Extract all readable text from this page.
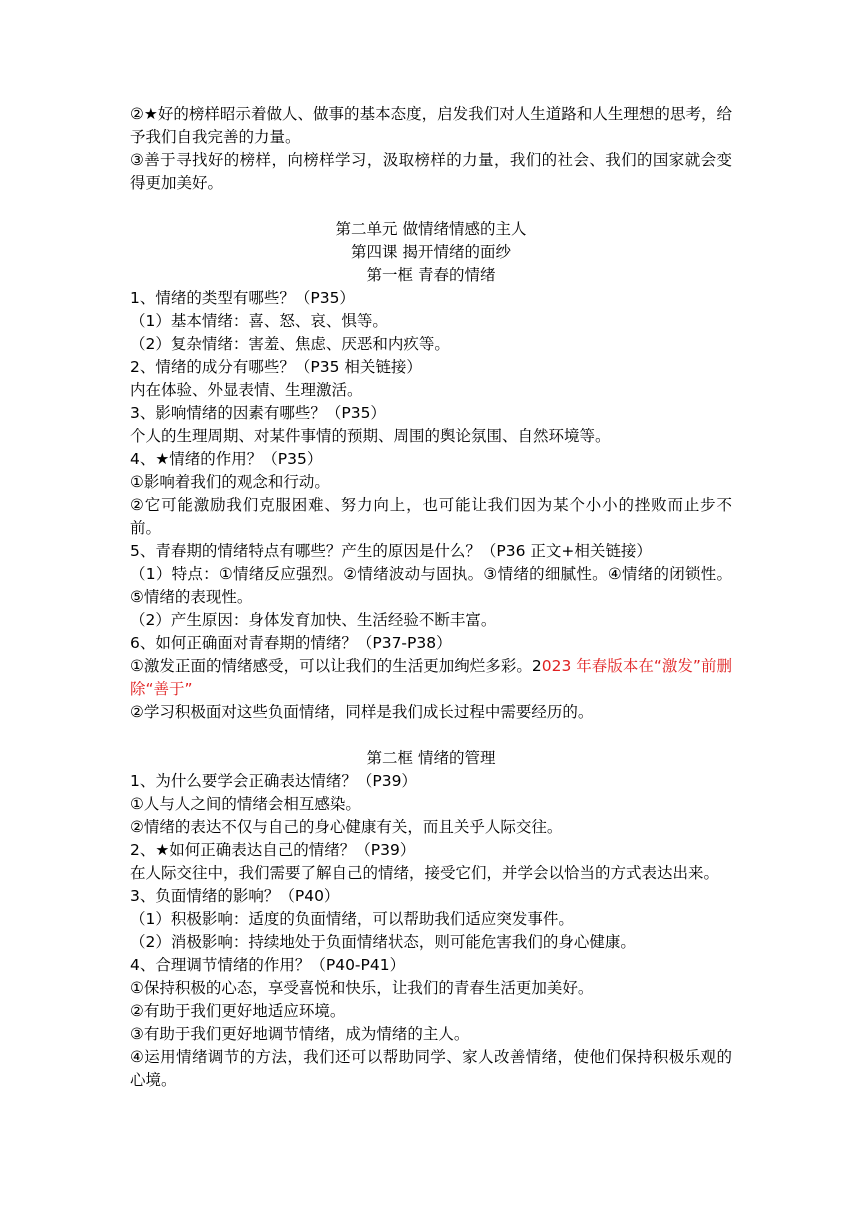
②★好的榜样昭示着做人、做事的基本态度，启发我们对人生道路和人生理想的思考，给予我们自我完善的力量。

③善于寻找好的榜样，向榜样学习，汲取榜样的力量，我们的社会、我们的国家就会变得更加美好。

第二单元 做情绪情感的主人

第四课 揭开情绪的面纱

第一框 青春的情绪

1、情绪的类型有哪些？（P35）

（1）基本情绪：喜、怒、哀、惧等。

（2）复杂情绪：害羞、焦虑、厌恶和内疚等。

2、情绪的成分有哪些？（P35 相关链接）

内在体验、外显表情、生理激活。

3、影响情绪的因素有哪些？（P35）

个人的生理周期、对某件事情的预期、周围的舆论氛围、自然环境等。

4、★情绪的作用？（P35）

①影响着我们的观念和行动。

②它可能激励我们克服困难、努力向上，也可能让我们因为某个小小的挫败而止步不前。

5、青春期的情绪特点有哪些？产生的原因是什么？（P36 正文+相关链接）

（1）特点：①情绪反应强烈。②情绪波动与固执。③情绪的细腻性。④情绪的闭锁性。⑤情绪的表现性。

（2）产生原因：身体发育加快、生活经验不断丰富。

6、如何正确面对青春期的情绪？（P37-P38）

①激发正面的情绪感受，可以让我们的生活更加绚烂多彩。2023 年春版本在“激发”前删除“善于”

②学习积极面对这些负面情绪，同样是我们成长过程中需要经历的。

第二框 情绪的管理

1、为什么要学会正确表达情绪？（P39）

①人与人之间的情绪会相互感染。

②情绪的表达不仅与自己的身心健康有关，而且关乎人际交往。

2、★如何正确表达自己的情绪？（P39）

在人际交往中，我们需要了解自己的情绪，接受它们，并学会以恰当的方式表达出来。

3、负面情绪的影响？（P40）

（1）积极影响：适度的负面情绪，可以帮助我们适应突发事件。

（2）消极影响：持续地处于负面情绪状态，则可能危害我们的身心健康。

4、合理调节情绪的作用？（P40-P41）

①保持积极的心态，享受喜悦和快乐，让我们的青春生活更加美好。

②有助于我们更好地适应环境。

③有助于我们更好地调节情绪，成为情绪的主人。

④运用情绪调节的方法，我们还可以帮助同学、家人改善情绪，使他们保持积极乐观的心境。
